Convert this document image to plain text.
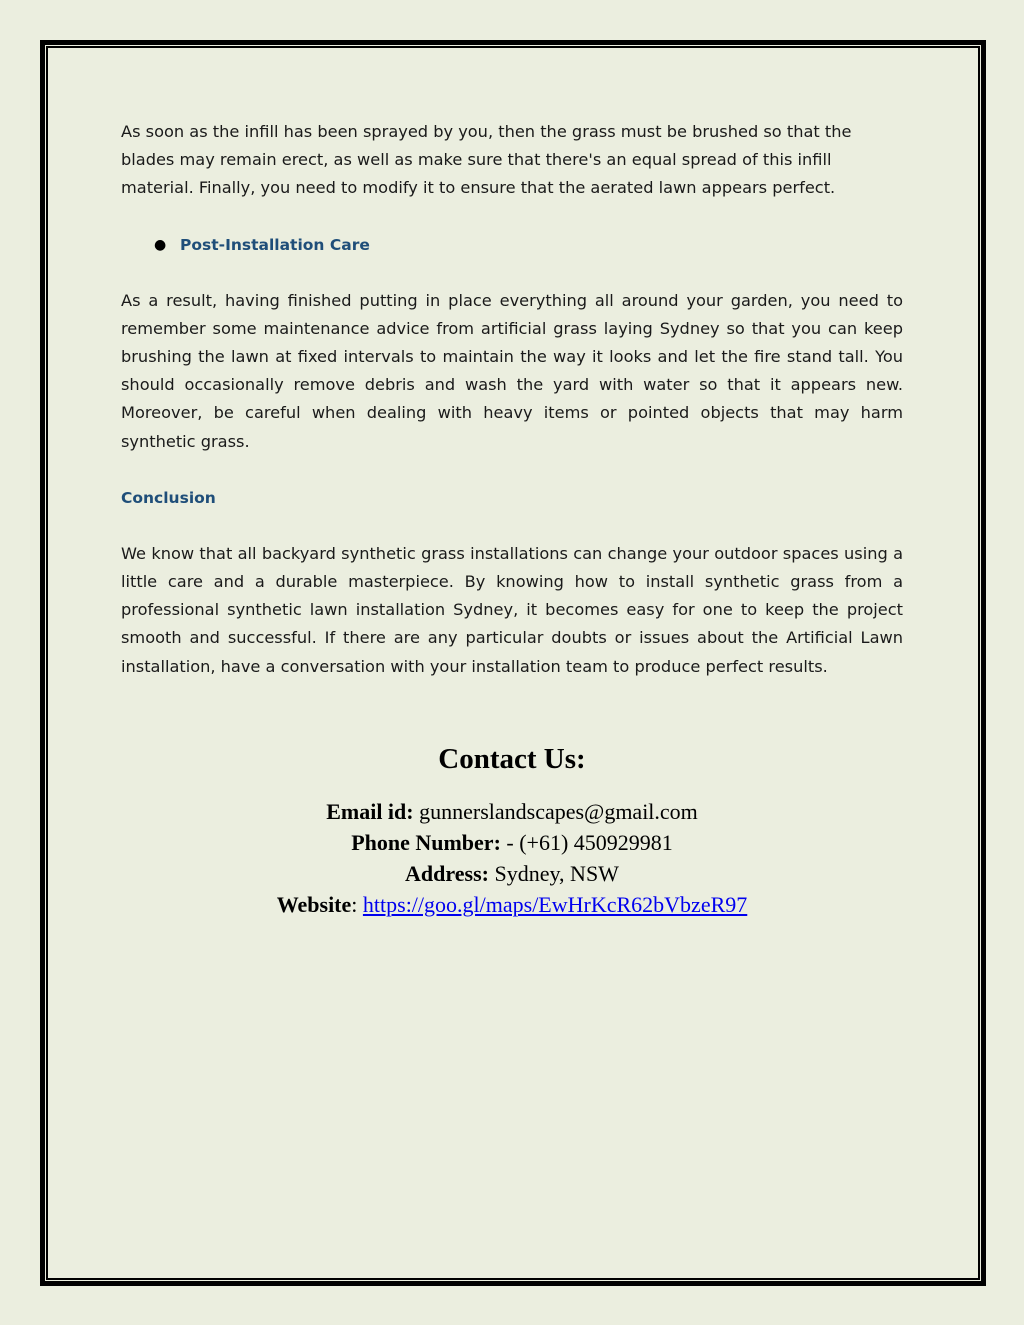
As soon as the infill has been sprayed by you, then the grass must be brushed so that the blades may remain erect, as well as make sure that there's an equal spread of this infill material. Finally, you need to modify it to ensure that the aerated lawn appears perfect.

● Post-Installation Care

As a result, having finished putting in place everything all around your garden, you need to remember some maintenance advice from artificial grass laying Sydney so that you can keep brushing the lawn at fixed intervals to maintain the way it looks and let the fire stand tall. You should occasionally remove debris and wash the yard with water so that it appears new. Moreover, be careful when dealing with heavy items or pointed objects that may harm synthetic grass.

Conclusion

We know that all backyard synthetic grass installations can change your outdoor spaces using a little care and a durable masterpiece. By knowing how to install synthetic grass from a professional synthetic lawn installation Sydney, it becomes easy for one to keep the project smooth and successful. If there are any particular doubts or issues about the Artificial Lawn installation, have a conversation with your installation team to produce perfect results.

Contact Us:
Email id: gunnerslandscapes@gmail.com
Phone Number: - (+61) 450929981
Address: Sydney, NSW
Website: https://goo.gl/maps/EwHrKcR62bVbzeR97
